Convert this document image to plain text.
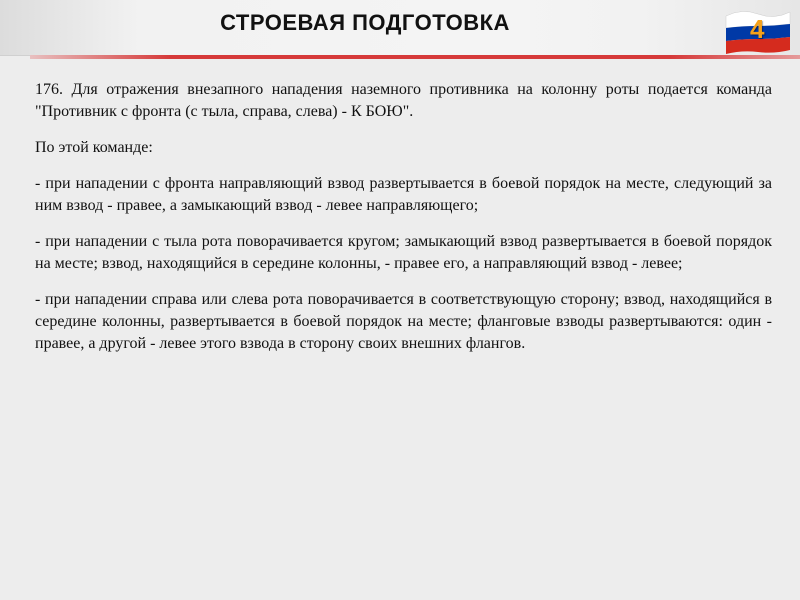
СТРОЕВАЯ ПОДГОТОВКА	4

176. Для отражения внезапного нападения наземного противника на колонну роты подается команда "Противник с фронта (с тыла, справа, слева) - К БОЮ".

По этой команде:

- при нападении с фронта направляющий взвод развертывается в боевой порядок на месте, следующий за ним взвод - правее, а замыкающий взвод - левее направляющего;

- при нападении с тыла рота поворачивается кругом; замыкающий взвод развертывается в боевой порядок на месте; взвод, находящийся в середине колонны, - правее его, а направляющий взвод - левее;

- при нападении справа или слева рота поворачивается в соответствующую сторону; взвод, находящийся в середине колонны, развертывается в боевой порядок на месте; фланговые взводы развертываются: один - правее, а другой - левее этого взвода в сторону своих внешних флангов.
